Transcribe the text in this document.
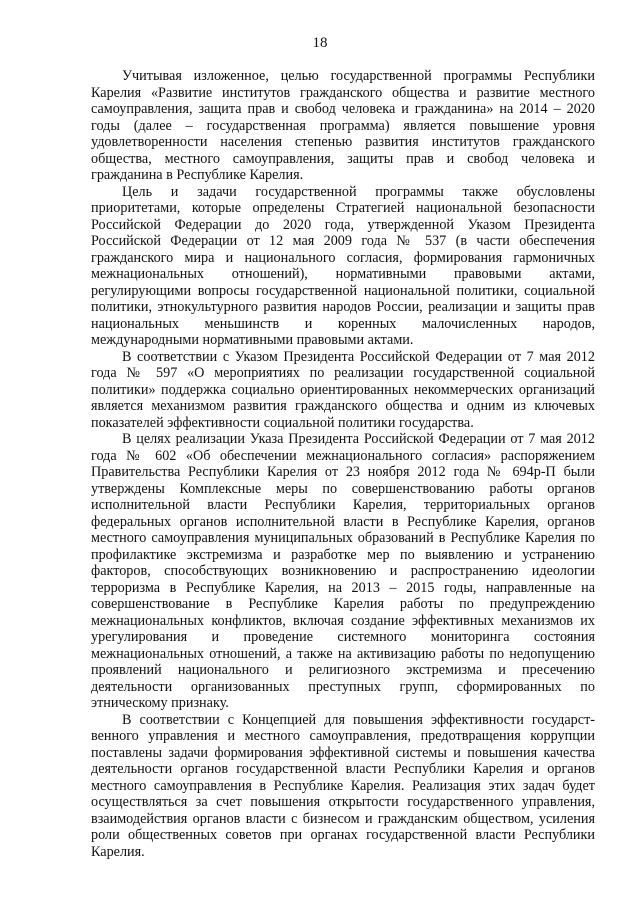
18

Учитывая изложенное, целью государственной программы Республики Карелия «Развитие институтов гражданского общества и развитие местного самоуправления, защита прав и свобод человека и гражданина» на 2014 – 2020 годы (далее – государственная программа) является повышение уровня удовлетворенности населения степенью развития институтов гражданского общества, местного самоуправления, защиты прав и свобод человека и гражданина в Республике Карелия.

Цель и задачи государственной программы также обусловлены приоритетами, которые определены Стратегией национальной безопасности Российской Федерации до 2020 года, утвержденной Указом Президента Российской Федерации от 12 мая 2009 года № 537 (в части обеспечения гражданского мира и национального согласия, формирования гармоничных межнациональных отношений), нормативными правовыми актами, регулирующими вопросы государственной национальной политики, социальной политики, этнокультурного развития народов России, реализации и защиты прав национальных меньшинств и коренных малочисленных народов, международными нормативными правовыми актами.

В соответствии с Указом Президента Российской Федерации от 7 мая 2012 года № 597 «О мероприятиях по реализации государственной социальной политики» поддержка социально ориентированных некоммерческих организаций является механизмом развития гражданского общества и одним из ключевых показателей эффективности социальной политики государства.

В целях реализации Указа Президента Российской Федерации от 7 мая 2012 года № 602 «Об обеспечении межнационального согласия» распоряжением Правительства Республики Карелия от 23 ноября 2012 года № 694р-П были утверждены Комплексные меры по совершенствованию работы органов исполнительной власти Республики Карелия, территориальных органов федеральных органов исполнительной власти в Республике Карелия, органов местного самоуправления муниципальных образований в Республике Карелия по профилактике экстремизма и разработке мер по выявлению и устранению факторов, способствующих возникновению и распространению идеологии терроризма в Республике Карелия, на 2013 – 2015 годы, направленные на совершенствование в Республике Карелия работы по предупреждению межнациональных конфликтов, включая создание эффективных механизмов их урегулирования и проведение системного мониторинга состояния межнациональных отношений, а также на активизацию работы по недопущению проявлений национального и религиозного экстремизма и пресечению деятельности организованных преступных групп, сформированных по этническому признаку.

В соответствии с Концепцией для повышения эффективности государственного управления и местного самоуправления, предотвращения коррупции поставлены задачи формирования эффективной системы и повышения качества деятельности органов государственной власти Республики Карелия и органов местного самоуправления в Республике Карелия. Реализация этих задач будет осуществляться за счет повышения открытости государственного управления, взаимодействия органов власти с бизнесом и гражданским обществом, усиления роли общественных советов при органах государственной власти Республики Карелия.
